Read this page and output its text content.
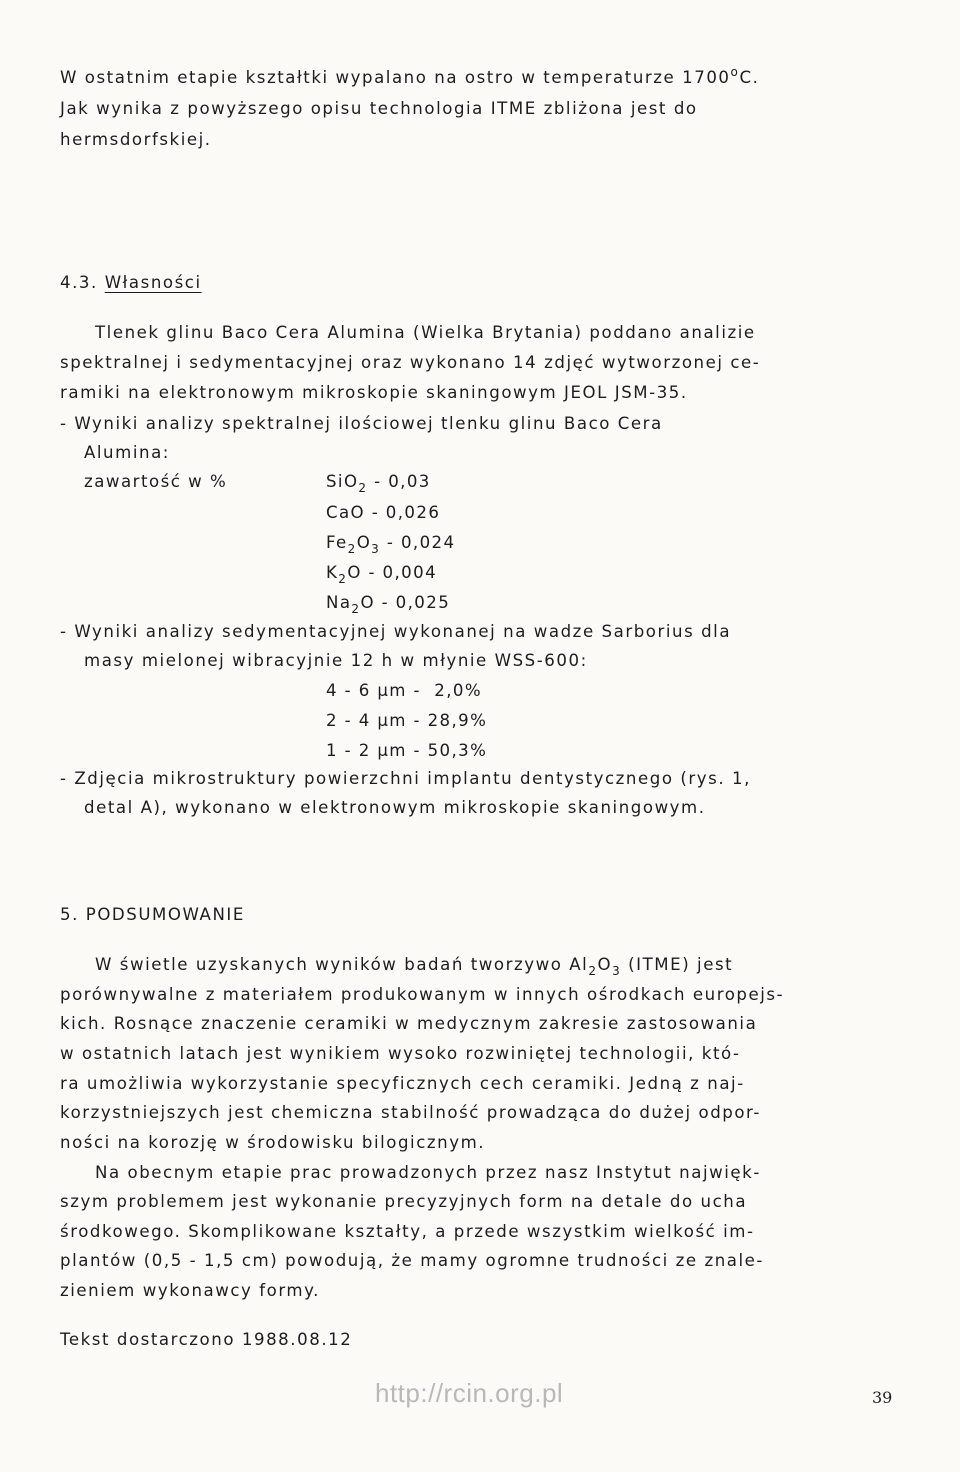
W ostatnim etapie kształtki wypalano na ostro w temperaturze 1700$^o$C.
Jak wynika z powyższego opisu technologia ITME zbliżona jest do
hermsdorfskiej.
4.3. Własności
Tlenek glinu Baco Cera Alumina (Wielka Brytania) poddano analizie
spektralnej i sedymentacyjnej oraz wykonano 14 zdjęć wytworzonej ce-
ramiki na elektronowym mikroskopie skaningowym JEOL JSM-35.
- Wyniki analizy spektralnej ilościowej tlenku glinu Baco Cera
Alumina:
zawartość w %	SiO$_2$ - 0,03
CaO - 0,026
$Fe_2O_3 - 0,024$
$K_2O - 0,004$
$Na_2O - 0,025$
- Wyniki analizy sedymentacyjnej wykonanej na wadze Sarborius dla
masy mielonej wibracyjnie 12 h w młynie WSS-600:
4 - 6 μm -  2,0%
2 - 4 μm - 28,9%
1 - 2 μm - 50,3%
- Zdjęcia mikrostruktury powierzchni implantu dentystycznego (rys. 1,
detal A), wykonano w elektronowym mikroskopie skaningowym.
5. PODSUMOWANIE
W świetle uzyskanych wyników badań tworzywo $Al_2O_3$ (ITME) jest
porównywalne z materiałem produkowanym w innych ośrodkach europejs-
kich. Rosnące znaczenie ceramiki w medycznym zakresie zastosowania
w ostatnich latach jest wynikiem wysoko rozwiniętej technologii, któ-
ra umożliwia wykorzystanie specyficznych cech ceramiki. Jedną z naj-
korzystniejszych jest chemiczna stabilność prowadząca do dużej odpor-
ności na korozję w środowisku bilogicznym.
Na obecnym etapie prac prowadzonych przez nasz Instytut najwięk-
szym problemem jest wykonanie precyzyjnych form na detale do ucha
środkowego. Skomplikowane kształty, a przede wszystkim wielkość im-
plantów (0,5 - 1,5 cm) powodują, że mamy ogromne trudności ze znale-
zieniem wykonawcy formy.
Tekst dostarczono 1988.08.12
http://rcin.org.pl	39
